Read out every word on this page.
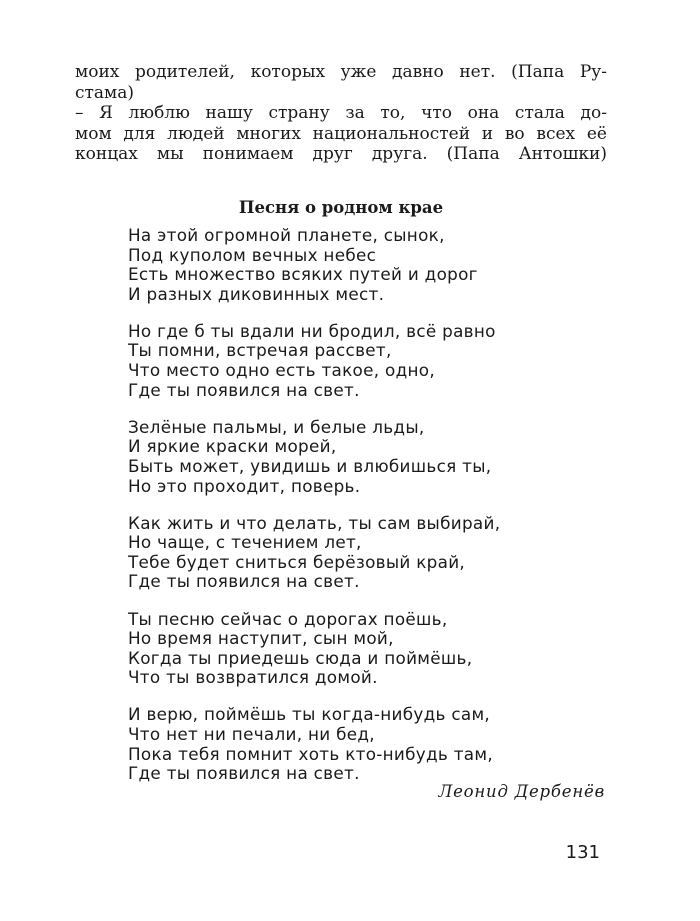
моих родителей, которых уже давно нет. (Папа Ру-
стама)
– Я люблю нашу страну за то, что она стала до-
мом для людей многих национальностей и во всех её
концах мы понимаем друг друга. (Папа Антошки)
Песня о родном крае
На этой огромной планете, сынок,
Под куполом вечных небес
Есть множество всяких путей и дорог
И разных диковинных мест.
Но где б ты вдали ни бродил, всё равно
Ты помни, встречая рассвет,
Что место одно есть такое, одно,
Где ты появился на свет.
Зелёные пальмы, и белые льды,
И яркие краски морей,
Быть может, увидишь и влюбишься ты,
Но это проходит, поверь.
Как жить и что делать, ты сам выбирай,
Но чаще, с течением лет,
Тебе будет сниться берёзовый край,
Где ты появился на свет.
Ты песню сейчас о дорогах поёшь,
Но время наступит, сын мой,
Когда ты приедешь сюда и поймёшь,
Что ты возвратился домой.
И верю, поймёшь ты когда-нибудь сам,
Что нет ни печали, ни бед,
Пока тебя помнит хоть кто-нибудь там,
Где ты появился на свет.
Леонид Дербенёв
131
